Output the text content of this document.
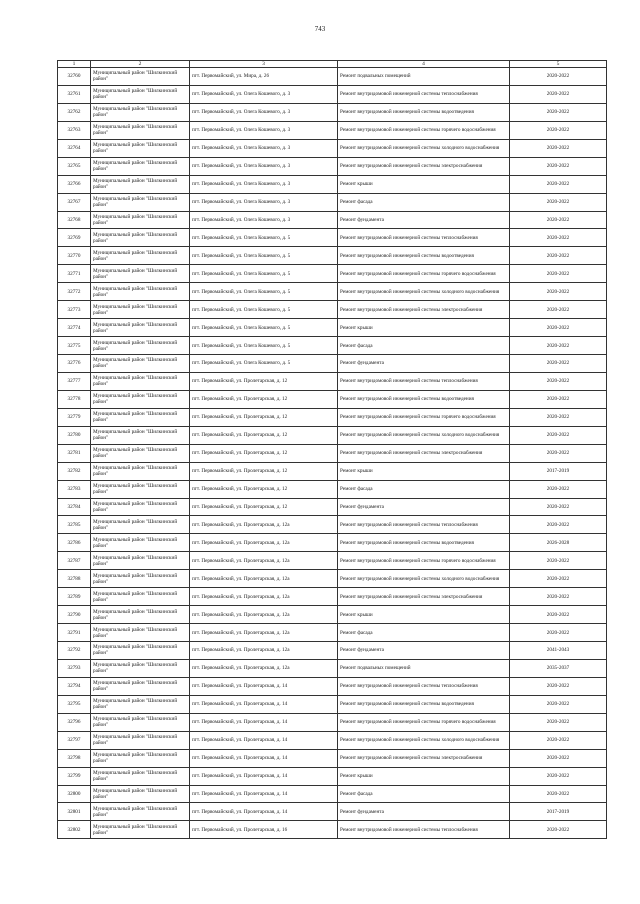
743
1	2	3	4	5
32760	Муниципальный район "Шилкинский район"	пгт. Первомайский, ул. Мира, д. 26	Ремонт подвальных помещений	2020-2022
32761	Муниципальный район "Шилкинский район"	пгт. Первомайский, ул. Олега Кошевого, д. 3	Ремонт внутридомовой инженерной системы теплоснабжения	2020-2022
32762	Муниципальный район "Шилкинский район"	пгт. Первомайский, ул. Олега Кошевого, д. 3	Ремонт внутридомовой инженерной системы водоотведения	2020-2022
32763	Муниципальный район "Шилкинский район"	пгт. Первомайский, ул. Олега Кошевого, д. 3	Ремонт внутридомовой инженерной системы горячего водоснабжения	2020-2022
32764	Муниципальный район "Шилкинский район"	пгт. Первомайский, ул. Олега Кошевого, д. 3	Ремонт внутридомовой инженерной системы холодного водоснабжения	2020-2022
32765	Муниципальный район "Шилкинский район"	пгт. Первомайский, ул. Олега Кошевого, д. 3	Ремонт внутридомовой инженерной системы электроснабжения	2020-2022
32766	Муниципальный район "Шилкинский район"	пгт. Первомайский, ул. Олега Кошевого, д. 3	Ремонт крыши	2020-2022
32767	Муниципальный район "Шилкинский район"	пгт. Первомайский, ул. Олега Кошевого, д. 3	Ремонт фасада	2020-2022
32768	Муниципальный район "Шилкинский район"	пгт. Первомайский, ул. Олега Кошевого, д. 3	Ремонт фундамента	2020-2022
32769	Муниципальный район "Шилкинский район"	пгт. Первомайский, ул. Олега Кошевого, д. 5	Ремонт внутридомовой инженерной системы теплоснабжения	2020-2022
32770	Муниципальный район "Шилкинский район"	пгт. Первомайский, ул. Олега Кошевого, д. 5	Ремонт внутридомовой инженерной системы водоотведения	2020-2022
32771	Муниципальный район "Шилкинский район"	пгт. Первомайский, ул. Олега Кошевого, д. 5	Ремонт внутридомовой инженерной системы горячего водоснабжения	2020-2022
32772	Муниципальный район "Шилкинский район"	пгт. Первомайский, ул. Олега Кошевого, д. 5	Ремонт внутридомовой инженерной системы холодного водоснабжения	2020-2022
32773	Муниципальный район "Шилкинский район"	пгт. Первомайский, ул. Олега Кошевого, д. 5	Ремонт внутридомовой инженерной системы электроснабжения	2020-2022
32774	Муниципальный район "Шилкинский район"	пгт. Первомайский, ул. Олега Кошевого, д. 5	Ремонт крыши	2020-2022
32775	Муниципальный район "Шилкинский район"	пгт. Первомайский, ул. Олега Кошевого, д. 5	Ремонт фасада	2020-2022
32776	Муниципальный район "Шилкинский район"	пгт. Первомайский, ул. Олега Кошевого, д. 5	Ремонт фундамента	2020-2022
32777	Муниципальный район "Шилкинский район"	пгт. Первомайский, ул. Пролетарская, д. 12	Ремонт внутридомовой инженерной системы теплоснабжения	2020-2022
32778	Муниципальный район "Шилкинский район"	пгт. Первомайский, ул. Пролетарская, д. 12	Ремонт внутридомовой инженерной системы водоотведения	2020-2022
32779	Муниципальный район "Шилкинский район"	пгт. Первомайский, ул. Пролетарская, д. 12	Ремонт внутридомовой инженерной системы горячего водоснабжения	2020-2022
32780	Муниципальный район "Шилкинский район"	пгт. Первомайский, ул. Пролетарская, д. 12	Ремонт внутридомовой инженерной системы холодного водоснабжения	2020-2022
32781	Муниципальный район "Шилкинский район"	пгт. Первомайский, ул. Пролетарская, д. 12	Ремонт внутридомовой инженерной системы электроснабжения	2020-2022
32782	Муниципальный район "Шилкинский район"	пгт. Первомайский, ул. Пролетарская, д. 12	Ремонт крыши	2017-2019
32783	Муниципальный район "Шилкинский район"	пгт. Первомайский, ул. Пролетарская, д. 12	Ремонт фасада	2020-2022
32784	Муниципальный район "Шилкинский район"	пгт. Первомайский, ул. Пролетарская, д. 12	Ремонт фундамента	2020-2022
32785	Муниципальный район "Шилкинский район"	пгт. Первомайский, ул. Пролетарская, д. 12а	Ремонт внутридомовой инженерной системы теплоснабжения	2020-2022
32786	Муниципальный район "Шилкинский район"	пгт. Первомайский, ул. Пролетарская, д. 12а	Ремонт внутридомовой инженерной системы водоотведения	2026-2028
32787	Муниципальный район "Шилкинский район"	пгт. Первомайский, ул. Пролетарская, д. 12а	Ремонт внутридомовой инженерной системы горячего водоснабжения	2020-2022
32788	Муниципальный район "Шилкинский район"	пгт. Первомайский, ул. Пролетарская, д. 12а	Ремонт внутридомовой инженерной системы холодного водоснабжения	2020-2022
32789	Муниципальный район "Шилкинский район"	пгт. Первомайский, ул. Пролетарская, д. 12а	Ремонт внутридомовой инженерной системы электроснабжения	2020-2022
32790	Муниципальный район "Шилкинский район"	пгт. Первомайский, ул. Пролетарская, д. 12а	Ремонт крыши	2020-2022
32791	Муниципальный район "Шилкинский район"	пгт. Первомайский, ул. Пролетарская, д. 12а	Ремонт фасада	2020-2022
32792	Муниципальный район "Шилкинский район"	пгт. Первомайский, ул. Пролетарская, д. 12а	Ремонт фундамента	2041-2043
32793	Муниципальный район "Шилкинский район"	пгт. Первомайский, ул. Пролетарская, д. 12а	Ремонт подвальных помещений	2035-2037
32794	Муниципальный район "Шилкинский район"	пгт. Первомайский, ул. Пролетарская, д. 14	Ремонт внутридомовой инженерной системы теплоснабжения	2020-2022
32795	Муниципальный район "Шилкинский район"	пгт. Первомайский, ул. Пролетарская, д. 14	Ремонт внутридомовой инженерной системы водоотведения	2020-2022
32796	Муниципальный район "Шилкинский район"	пгт. Первомайский, ул. Пролетарская, д. 14	Ремонт внутридомовой инженерной системы горячего водоснабжения	2020-2022
32797	Муниципальный район "Шилкинский район"	пгт. Первомайский, ул. Пролетарская, д. 14	Ремонт внутридомовой инженерной системы холодного водоснабжения	2020-2022
32798	Муниципальный район "Шилкинский район"	пгт. Первомайский, ул. Пролетарская, д. 14	Ремонт внутридомовой инженерной системы электроснабжения	2020-2022
32799	Муниципальный район "Шилкинский район"	пгт. Первомайский, ул. Пролетарская, д. 14	Ремонт крыши	2020-2022
32800	Муниципальный район "Шилкинский район"	пгт. Первомайский, ул. Пролетарская, д. 14	Ремонт фасада	2020-2022
32801	Муниципальный район "Шилкинский район"	пгт. Первомайский, ул. Пролетарская, д. 14	Ремонт фундамента	2017-2019
32802	Муниципальный район "Шилкинский район"	пгт. Первомайский, ул. Пролетарская, д. 16	Ремонт внутридомовой инженерной системы теплоснабжения	2020-2022
